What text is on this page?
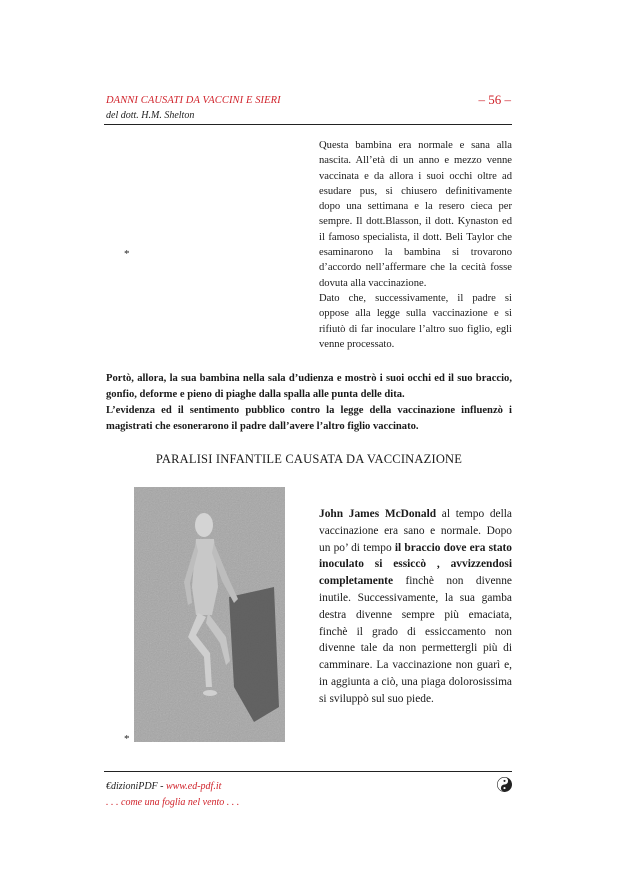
DANNI CAUSATI DA VACCINI E SIERI	– 56 –
del dott. H.M. Shelton
*

Questa bambina era normale e sana alla nascita. All’età di un anno e mezzo venne vaccinata e da allora i suoi occhi oltre ad esudare pus, si chiusero definitivamente dopo una settimana e la resero cieca per sempre. Il dott.Blasson, il dott. Kynaston ed il famoso specialista, il dott. Beli Taylor che esaminarono la bambina si trovarono d’accordo nell’affermare che la cecità fosse dovuta alla vaccinazione.

Dato che, successivamente, il padre si oppose alla legge sulla vaccinazione e si rifiutò di far inoculare l’altro suo figlio, egli venne processato.

Portò, allora, la sua bambina nella sala d’udienza e mostrò i suoi occhi ed il suo braccio, gonfio, deforme e pieno di piaghe dalla spalla alle punta delle dita.

L’evidenza ed il sentimento pubblico contro la legge della vaccinazione influenzò i magistrati che esonerarono il padre dall’avere l’altro figlio vaccinato.

PARALISI INFANTILE CAUSATA DA VACCINAZIONE
*
John James McDonald al tempo della vaccinazione era sano e normale. Dopo un po’ di tempo il braccio dove era stato inoculato si essiccò , avvizzendosi completamente finchè non divenne inutile. Successivamente, la sua gamba destra divenne sempre più emaciata, finchè il grado di essiccamento non divenne tale da non permettergli più di camminare. La vaccinazione non guarì e, in aggiunta a ciò, una piaga dolorosissima si sviluppò sul suo piede.
€dizioniPDF - www.ed-pdf.it
. . . come una foglia nel vento . . .
